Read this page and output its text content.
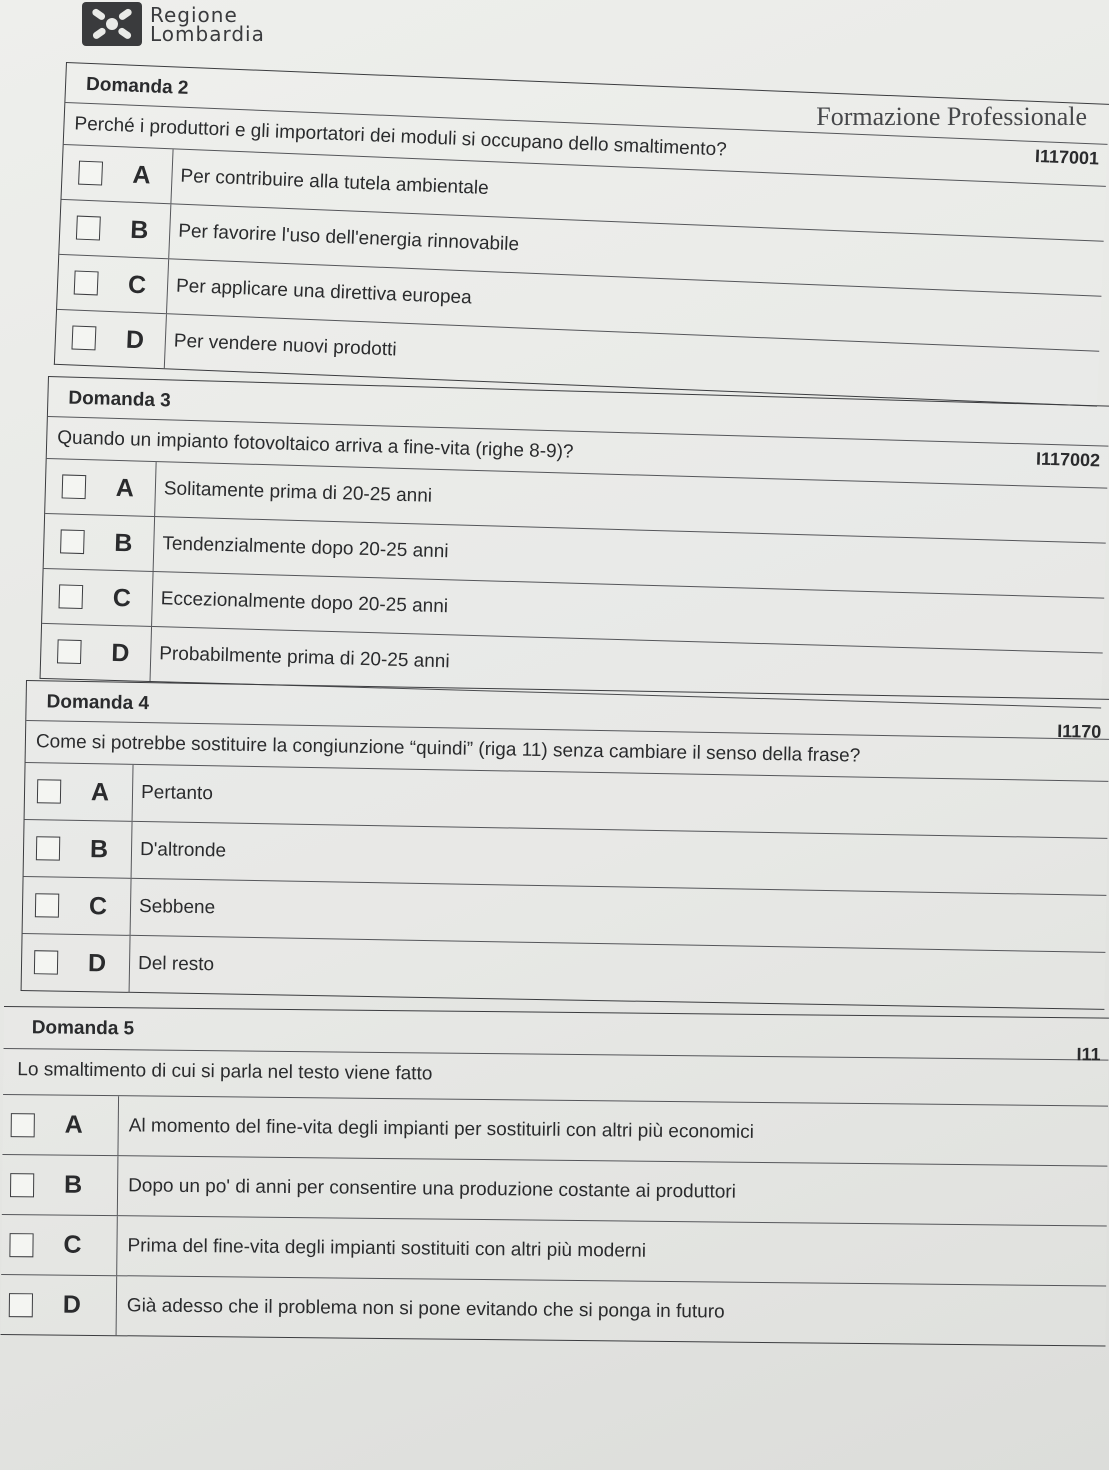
Regione
Lombardia
Formazione Professionale
Domanda 2
Perché i produttori e gli importatori dei moduli si occupano dello smaltimento?	I117001
A	Per contribuire alla tutela ambientale
B	Per favorire l'uso dell'energia rinnovabile
C	Per applicare una direttiva europea
D	Per vendere nuovi prodotti
Domanda 3
Quando un impianto fotovoltaico arriva a fine-vita (righe 8-9)?	I117002
A	Solitamente prima di 20-25 anni
B	Tendenzialmente dopo 20-25 anni
C	Eccezionalmente dopo 20-25 anni
D	Probabilmente prima di 20-25 anni
Domanda 4
Come si potrebbe sostituire la congiunzione “quindi” (riga 11) senza cambiare il senso della frase?	I1170
A	Pertanto
B	D'altronde
C	Sebbene
D	Del resto
Domanda 5
Lo smaltimento di cui si parla nel testo viene fatto
I11
A	Al momento del fine-vita degli impianti per sostituirli con altri più economici
B	Dopo un po' di anni per consentire una produzione costante ai produttori
C	Prima del fine-vita degli impianti sostituiti con altri più moderni
D	Già adesso che il problema non si pone evitando che si ponga in futuro
